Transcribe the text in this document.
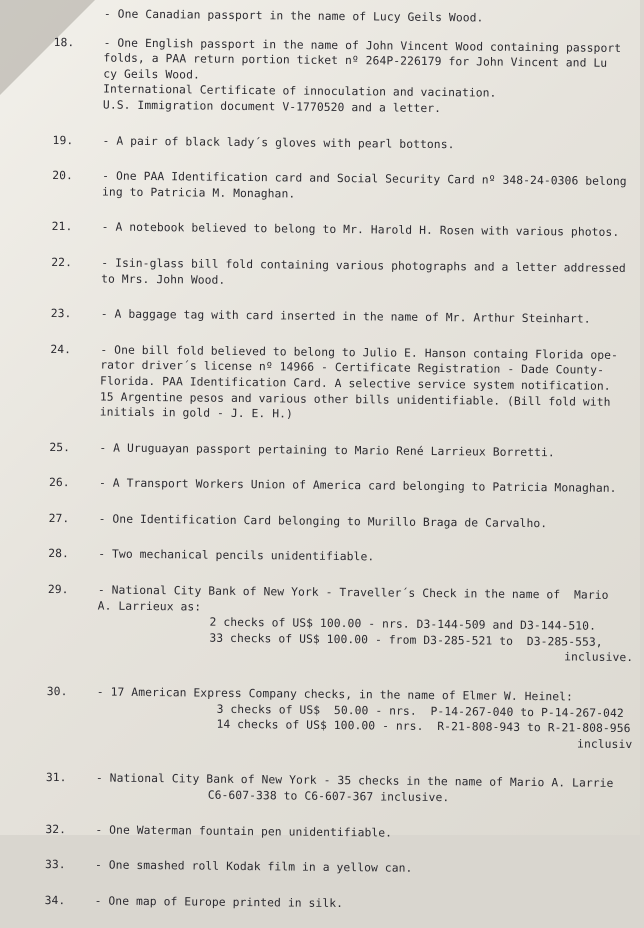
- One Canadian passport in the name of Lucy Geils Wood.
18.	- One English passport in the name of John Vincent Wood containing passport
folds, a PAA return portion ticket nº 264P-226179 for John Vincent and Lu
cy Geils Wood.
International Certificate of innoculation and vacination.
U.S. Immigration document V-1770520 and a letter.
19.	- A pair of black lady´s gloves with pearl bottons.
20.	- One PAA Identification card and Social Security Card nº 348-24-0306 belong
ing to Patricia M. Monaghan.
21.	- A notebook believed to belong to Mr. Harold H. Rosen with various photos.
22.	- Isin-glass bill fold containing various photographs and a letter addressed
to Mrs. John Wood.
23.	- A baggage tag with card inserted in the name of Mr. Arthur Steinhart.
24.	- One bill fold believed to belong to Julio E. Hanson containg Florida ope-
rator driver´s license nº 14966 - Certificate Registration - Dade County-
Florida. PAA Identification Card. A selective service system notification.
15 Argentine pesos and various other bills unidentifiable. (Bill fold with
initials in gold - J. E. H.)
25.	- A Uruguayan passport pertaining to Mario René Larrieux Borretti.
26.	- A Transport Workers Union of America card belonging to Patricia Monaghan.
27.	- One Identification Card belonging to Murillo Braga de Carvalho.
28.	- Two mechanical pencils unidentifiable.
29.	- National City Bank of New York - Traveller´s Check in the name of  Mario
A. Larrieux as:
2 checks of US$ 100.00 - nrs. D3-144-509 and D3-144-510.
33 checks of US$ 100.00 - from D3-285-521 to  D3-285-553,
inclusive.
30.	- 17 American Express Company checks, in the name of Elmer W. Heinel:
3 checks of US$  50.00 - nrs.  P-14-267-040 to P-14-267-042
14 checks of US$ 100.00 - nrs.  R-21-808-943 to R-21-808-956
inclusiv
31.	- National City Bank of New York - 35 checks in the name of Mario A. Larrie
C6-607-338 to C6-607-367 inclusive.
32.	- One Waterman fountain pen unidentifiable.
33.	- One smashed roll Kodak film in a yellow can.
34.	- One map of Europe printed in silk.
